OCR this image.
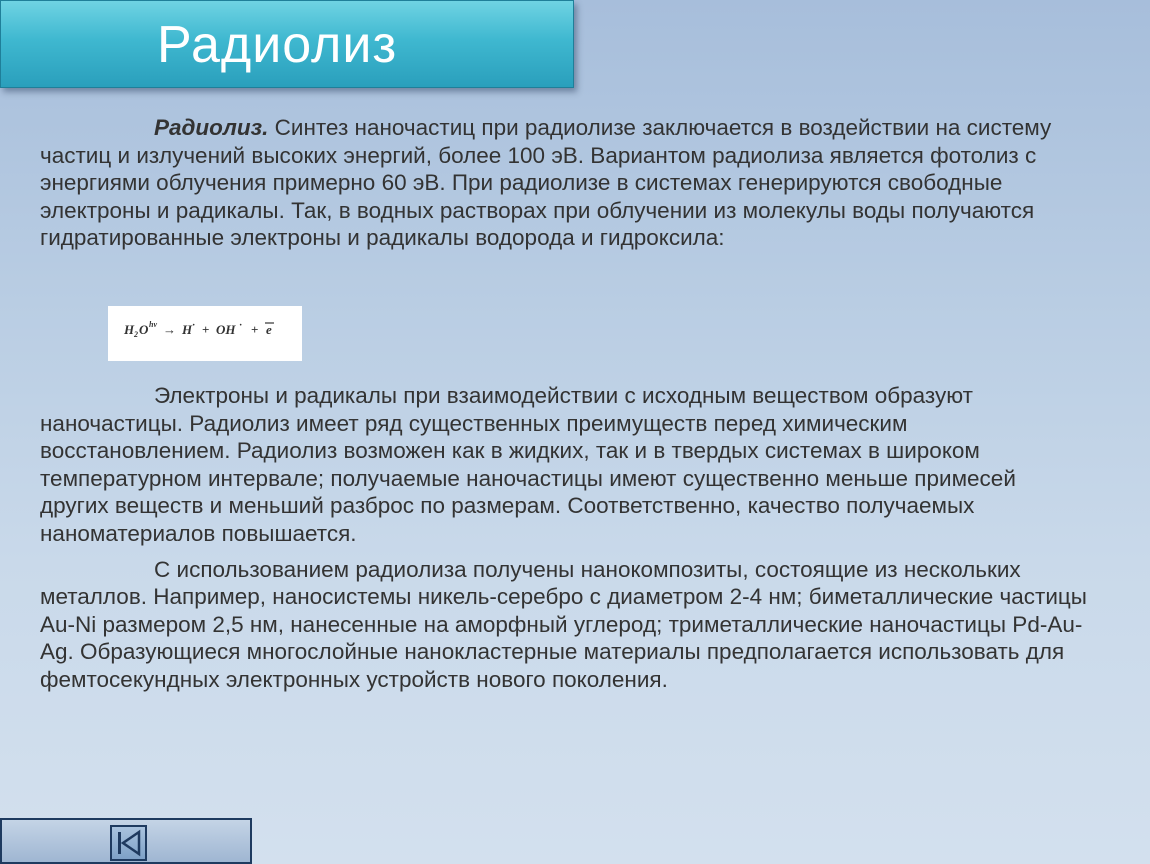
Радиолиз

Радиолиз. Синтез наночастиц при радиолизе заключается в воздействии на систему частиц и излучений высоких энергий, более 100 эВ. Вариантом радиолиза является фотолиз с энергиями облучения примерно 60 эВ. При радиолизе в системах генерируются свободные электроны и радикалы. Так, в водных растворах при облучении из молекулы воды получаются гидратированные электроны и радикалы водорода и гидроксила:

Электроны и радикалы при взаимодействии с исходным веществом образуют наночастицы. Радиолиз имеет ряд существенных преимуществ перед химическим восстановлением. Радиолиз возможен как в жидких, так и в твердых системах в широком температурном интервале; получаемые наночастицы имеют существенно меньше примесей других веществ и меньший разброс по размерам. Соответственно, качество получаемых наноматериалов повышается.

С использованием радиолиза получены нанокомпозиты, состоящие из нескольких металлов. Например, наносистемы никель-серебро с диаметром 2-4 нм; биметаллические частицы Au-Ni размером 2,5 нм, нанесенные на аморфный углерод; триметаллические наночастицы Pd-Au-Ag. Образующиеся многослойные нанокластерные материалы предполагается использовать для фемтосекундных электронных устройств нового поколения.

H 2 O hv → H · + OH · + e
